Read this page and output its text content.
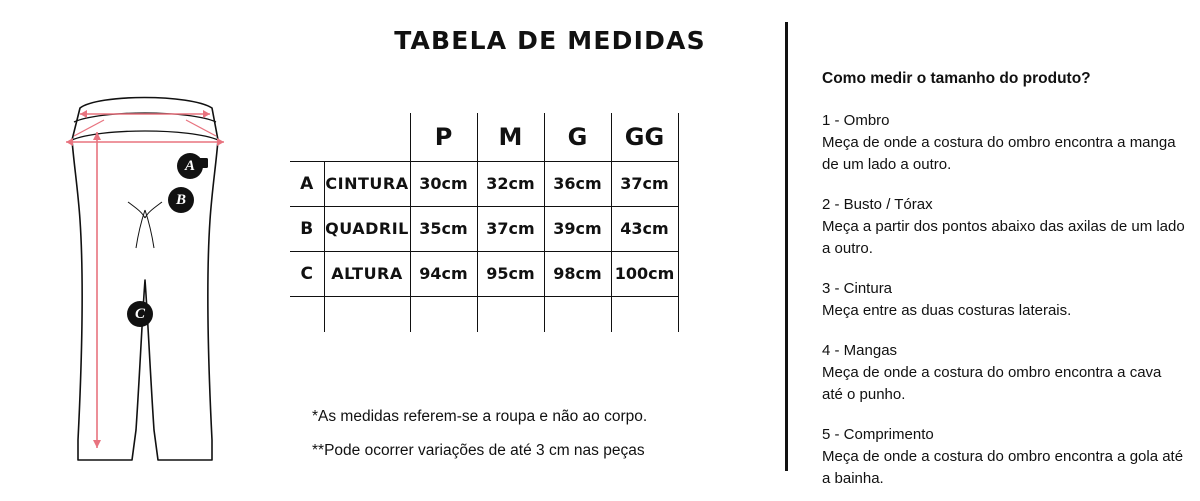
A
B
C
TABELA DE MEDIDAS
		P	M	G	GG
A	CINTURA	30cm	32cm	36cm	37cm
B	QUADRIL	35cm	37cm	39cm	43cm
C	ALTURA	94cm	95cm	98cm	100cm

*As medidas referem-se a roupa e não ao corpo.
**Pode ocorrer variações de até 3 cm nas peças
Como medir o tamanho do produto?
1 - Ombro
Meça de onde a costura do ombro encontra a manga de um lado a outro.
2 - Busto / Tórax
Meça a partir dos pontos abaixo das axilas de um lado a outro.
3 - Cintura
Meça entre as duas costuras laterais.
4 - Mangas
Meça de onde a costura do ombro encontra a cava até o punho.
5 - Comprimento
Meça de onde a costura do ombro encontra a gola até a bainha.
